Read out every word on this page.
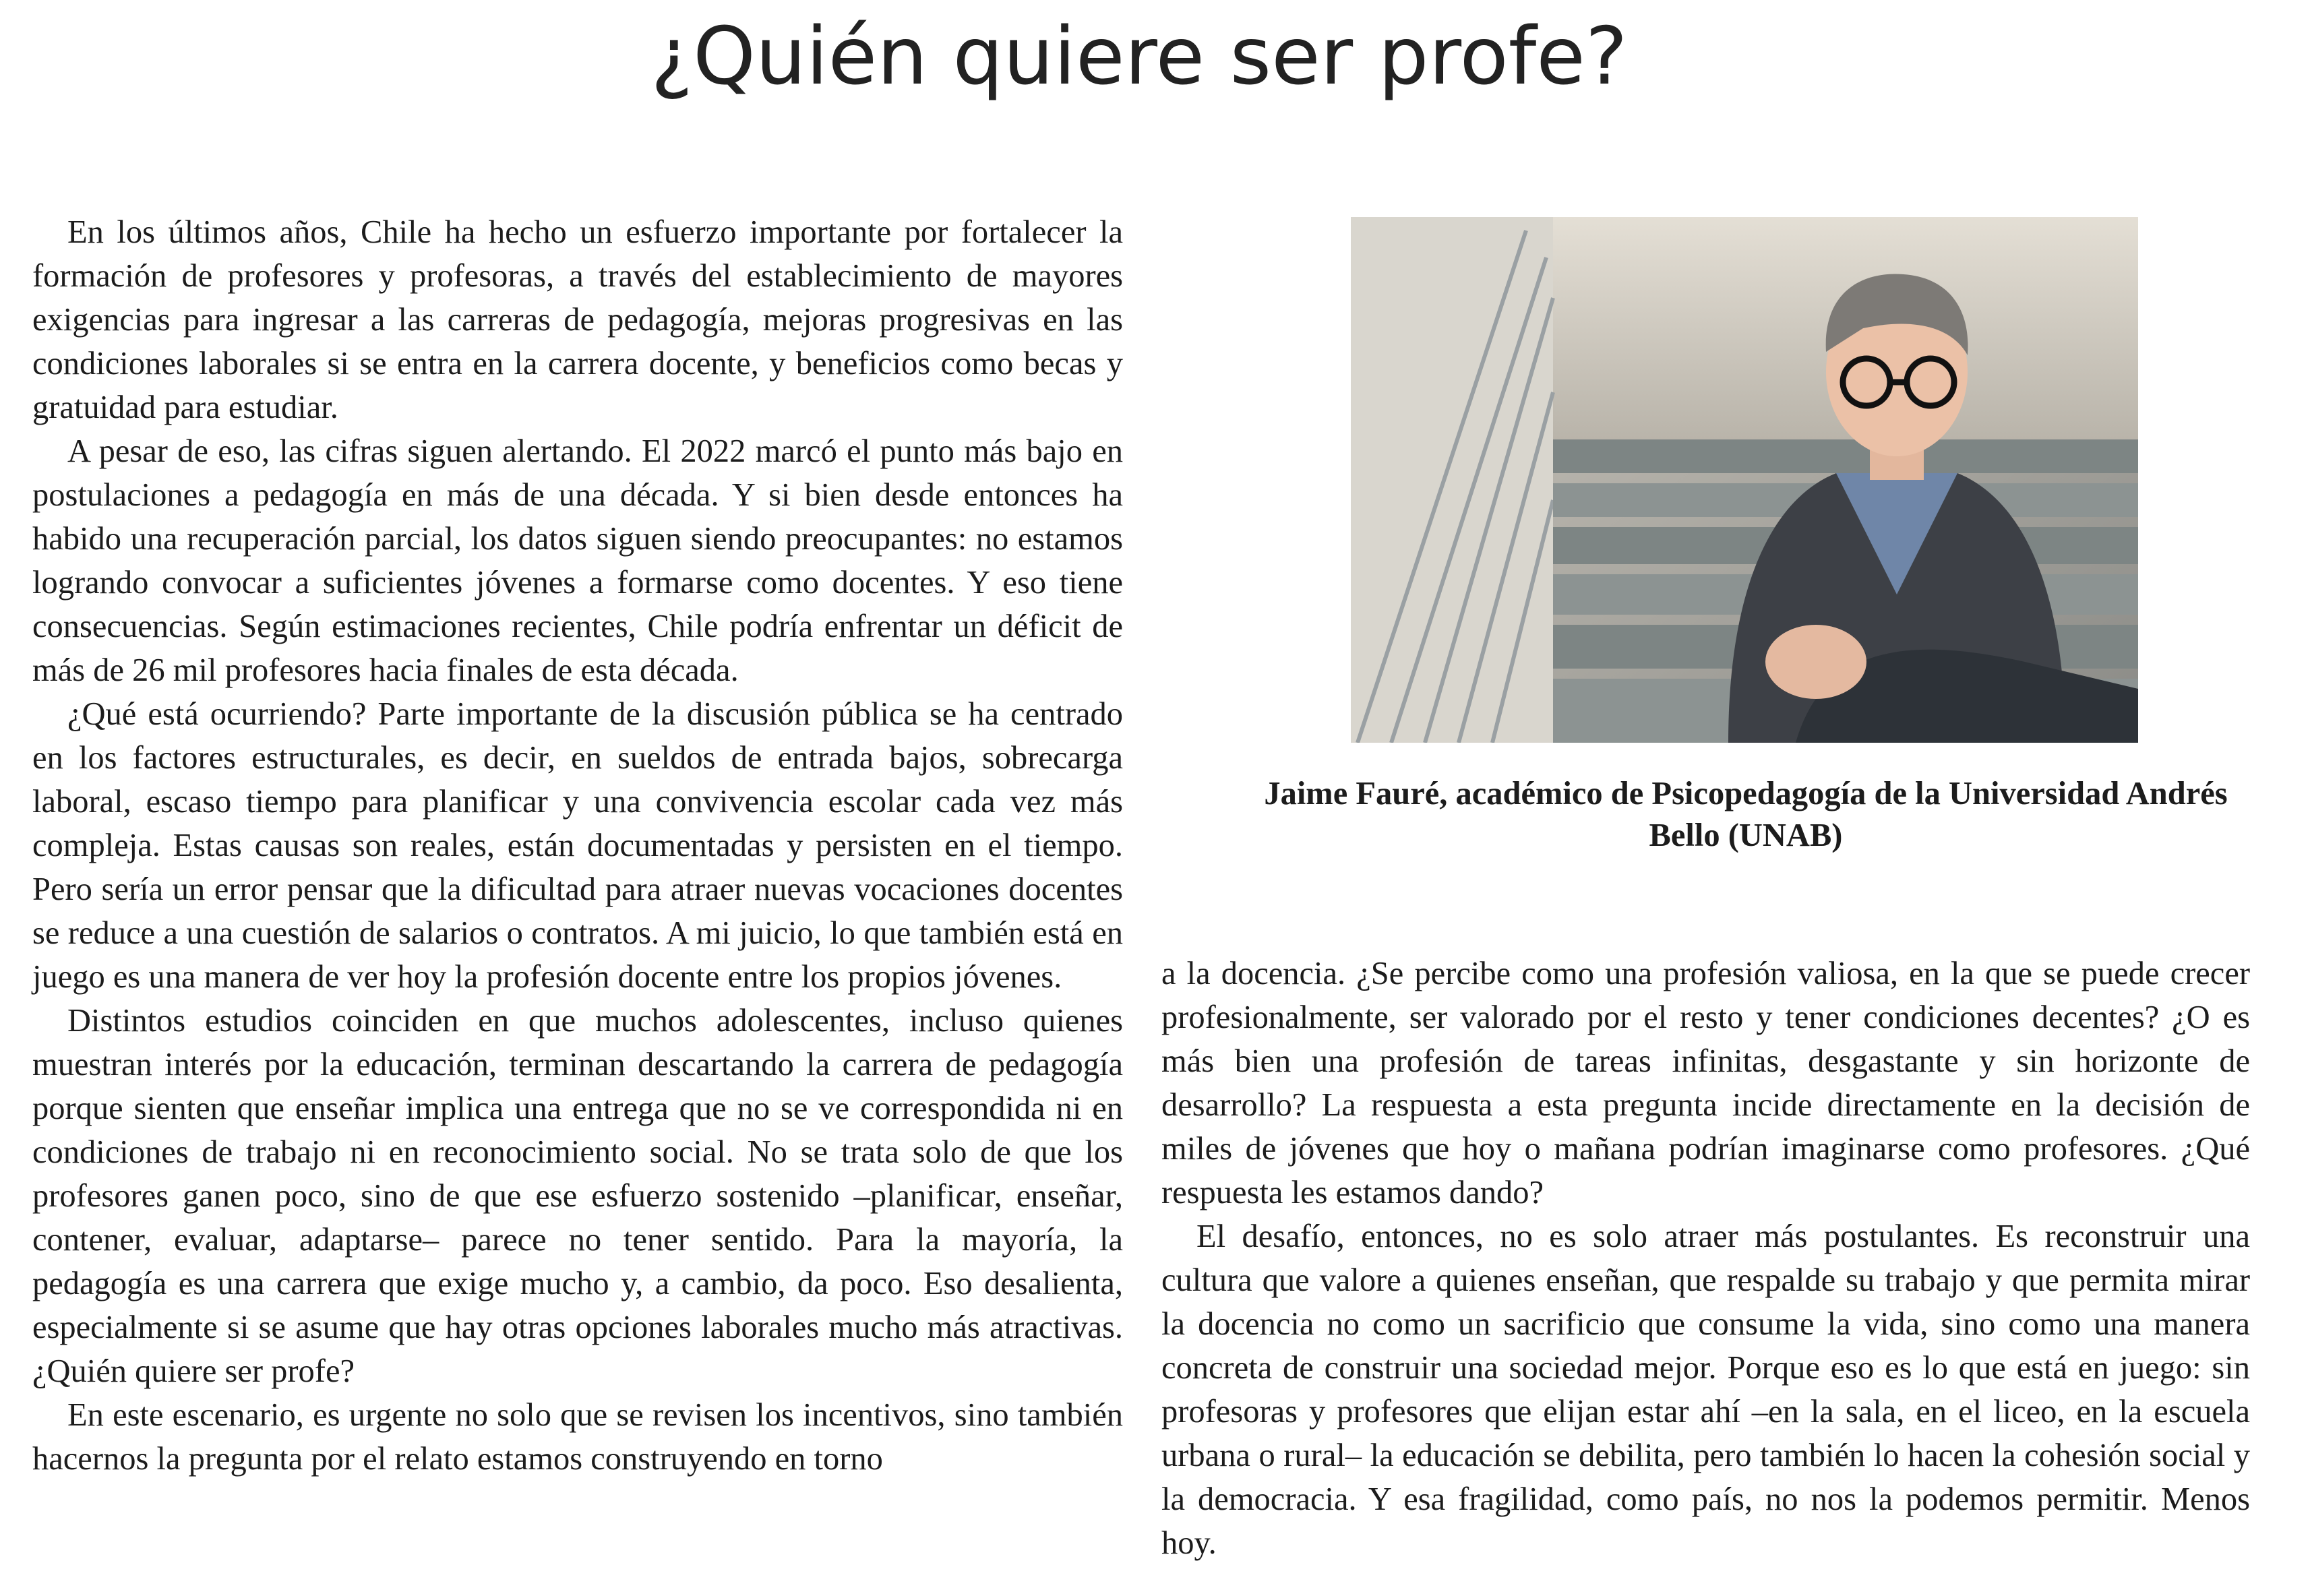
¿Quién quiere ser profe?

En los últimos años, Chile ha hecho un esfuerzo importante por fortalecer la formación de profesores y profesoras, a través del establecimiento de mayores exigencias para ingresar a las carreras de pedagogía, mejoras progresivas en las condiciones laborales si se entra en la carrera docente, y beneficios como becas y gratuidad para estudiar.

A pesar de eso, las cifras siguen alertando. El 2022 marcó el punto más bajo en postulaciones a pedagogía en más de una década. Y si bien desde entonces ha habido una recuperación parcial, los datos siguen siendo preocupantes: no estamos logrando convocar a suficientes jóvenes a formarse como docentes. Y eso tiene consecuencias. Según estimaciones recientes, Chile podría enfrentar un déficit de más de 26 mil profesores hacia finales de esta década.

¿Qué está ocurriendo? Parte importante de la discusión pública se ha centrado en los factores estructurales, es decir, en sueldos de entrada bajos, sobrecarga laboral, escaso tiempo para planificar y una convivencia escolar cada vez más compleja. Estas causas son reales, están documentadas y persisten en el tiempo. Pero sería un error pensar que la dificultad para atraer nuevas vocaciones docentes se reduce a una cuestión de salarios o contratos. A mi juicio, lo que también está en juego es una manera de ver hoy la profesión docente entre los propios jóvenes.

Distintos estudios coinciden en que muchos adolescentes, incluso quienes muestran interés por la educación, terminan descartando la carrera de pedagogía porque sienten que enseñar implica una entrega que no se ve correspondida ni en condiciones de trabajo ni en reconocimiento social. No se trata solo de que los profesores ganen poco, sino de que ese esfuerzo sostenido –planificar, enseñar, contener, evaluar, adaptarse– parece no tener sentido. Para la mayoría, la pedagogía es una carrera que exige mucho y, a cambio, da poco. Eso desalienta, especialmente si se asume que hay otras opciones laborales mucho más atractivas. ¿Quién quiere ser profe?

En este escenario, es urgente no solo que se revisen los incentivos, sino también hacernos la pregunta por el relato estamos construyendo en torno

Jaime Fauré, académico de Psicopedagogía de la Universidad Andrés Bello (UNAB)

a la docencia. ¿Se percibe como una profesión valiosa, en la que se puede crecer profesionalmente, ser valorado por el resto y tener condiciones decentes? ¿O es más bien una profesión de tareas infinitas, desgastante y sin horizonte de desarrollo? La respuesta a esta pregunta incide directamente en la decisión de miles de jóvenes que hoy o mañana podrían imaginarse como profesores. ¿Qué respuesta les estamos dando?

El desafío, entonces, no es solo atraer más postulantes. Es reconstruir una cultura que valore a quienes enseñan, que respalde su trabajo y que permita mirar la docencia no como un sacrificio que consume la vida, sino como una manera concreta de construir una sociedad mejor. Porque eso es lo que está en juego: sin profesoras y profesores que elijan estar ahí –en la sala, en el liceo, en la escuela urbana o rural– la educación se debilita, pero también lo hacen la cohesión social y la democracia. Y esa fragilidad, como país, no nos la podemos permitir. Menos hoy.
